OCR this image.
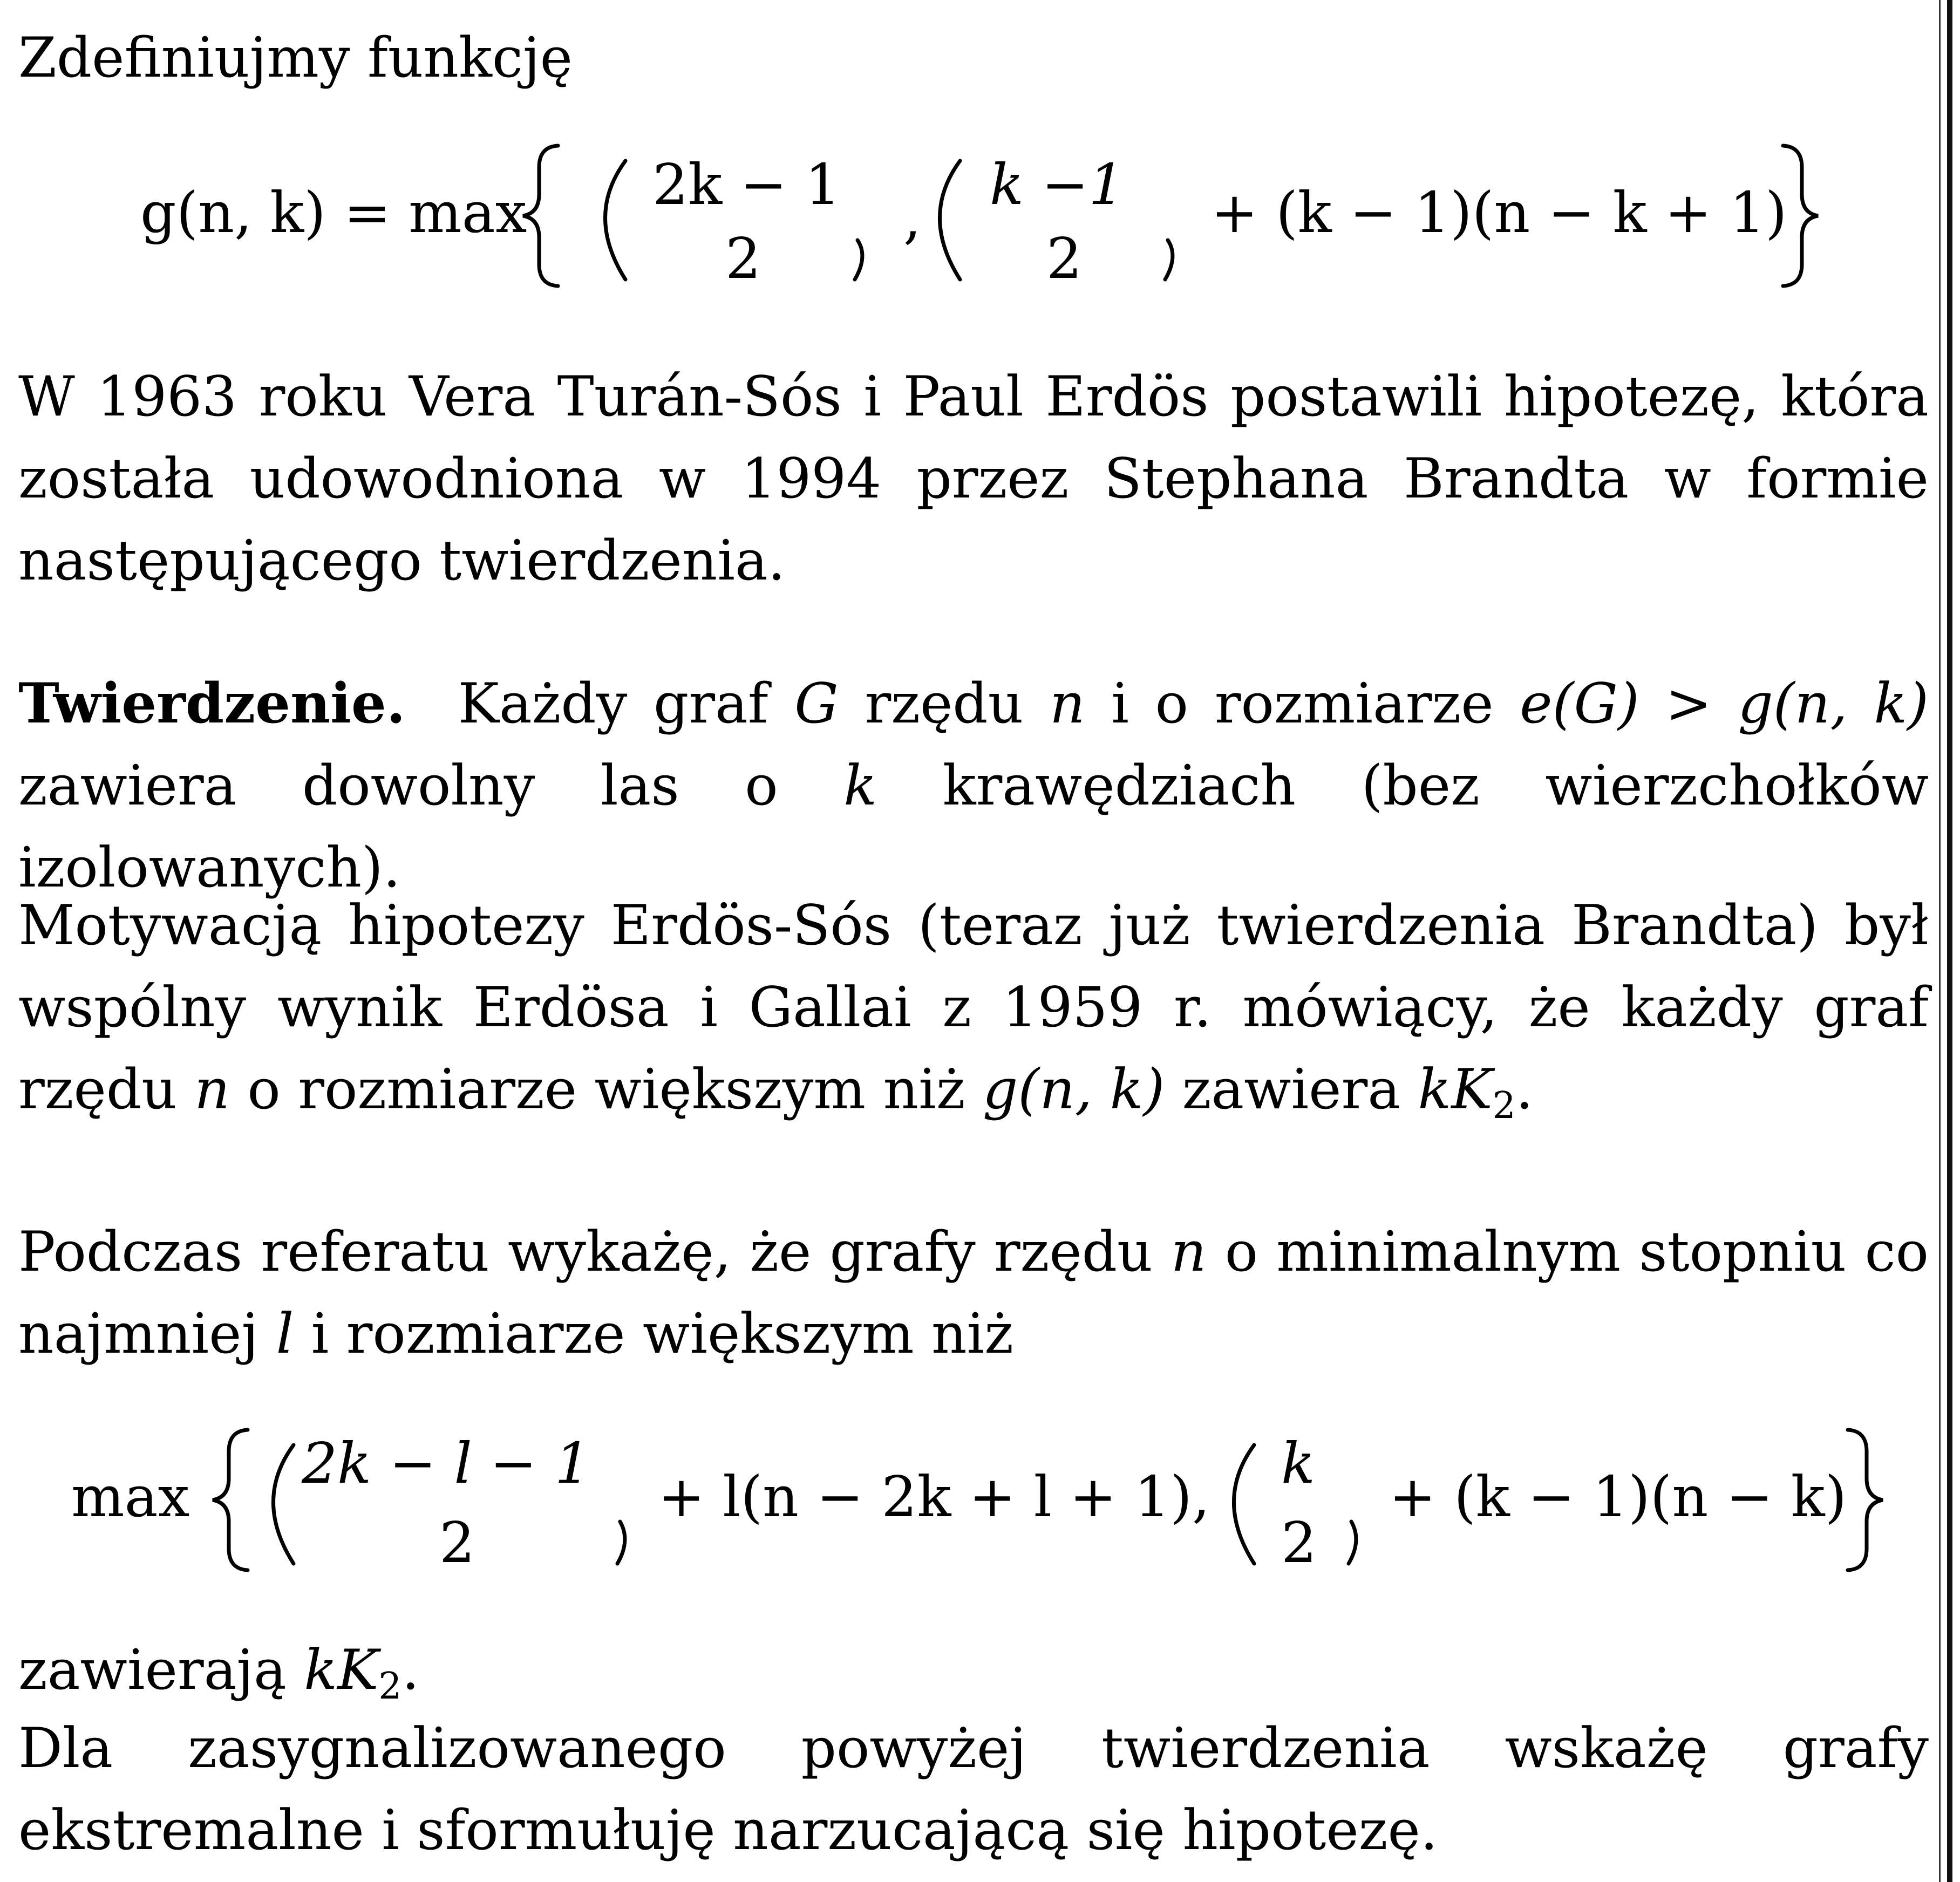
Zdefiniujmy funkcję

g(n, k) = max 2k − 1
2
,
k −1
2
+ (k − 1)(n − k + 1)

W 1963 roku Vera Turán-Sós i Paul Erdös postawili hipotezę, która została udowodniona w 1994 przez Stephana Brandta w formie następującego twierdzenia.

Twierdzenie. Każdy graf G rzędu n i o rozmiarze e(G) > g(n, k) zawiera dowolny las o k krawędziach (bez wierzchołków izolowanych).

Motywacją hipotezy Erdös-Sós (teraz już twierdzenia Brandta) był wspólny wynik Erdösa i Gallai z 1959 r. mówiący, że każdy graf rzędu n o rozmiarze większym niż g(n, k) zawiera $kK_2$.

Podczas referatu wykażę, że grafy rzędu n o minimalnym stopniu co najmniej l i rozmiarze większym niż

max
2k − l − 1
2
+ l(n − 2k + l + 1),
k
2
+ (k − 1)(n − k)

zawierają $kK_2$.

Dla zasygnalizowanego powyżej twierdzenia wskażę grafy ekstremalne i sformułuję narzucającą się hipotezę.
